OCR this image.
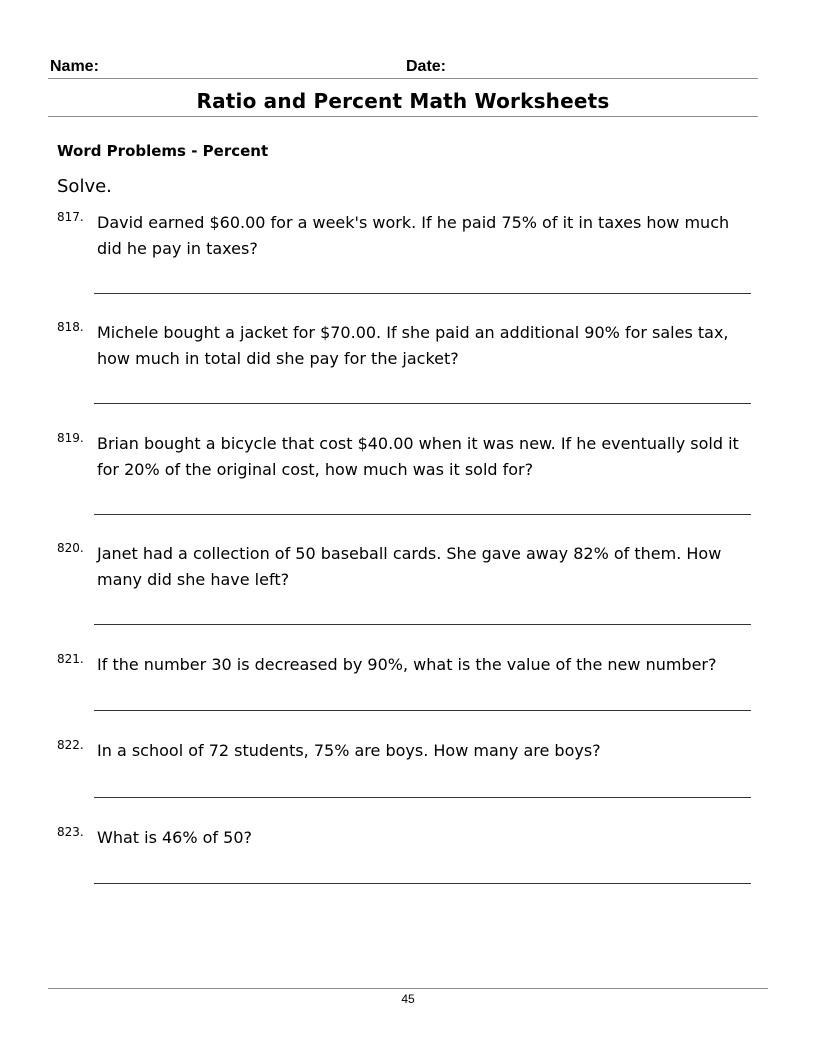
Name:	Date:
Ratio and Percent Math Worksheets
Word Problems - Percent
Solve.
817. David earned $60.00 for a week's work. If he paid 75% of it in taxes how much did he pay in taxes?
818. Michele bought a jacket for $70.00. If she paid an additional 90% for sales tax, how much in total did she pay for the jacket?
819. Brian bought a bicycle that cost $40.00 when it was new. If he eventually sold it for 20% of the original cost, how much was it sold for?
820. Janet had a collection of 50 baseball cards. She gave away 82% of them. How many did she have left?
821. If the number 30 is decreased by 90%, what is the value of the new number?
822. In a school of 72 students, 75% are boys. How many are boys?
823. What is 46% of 50?
45
